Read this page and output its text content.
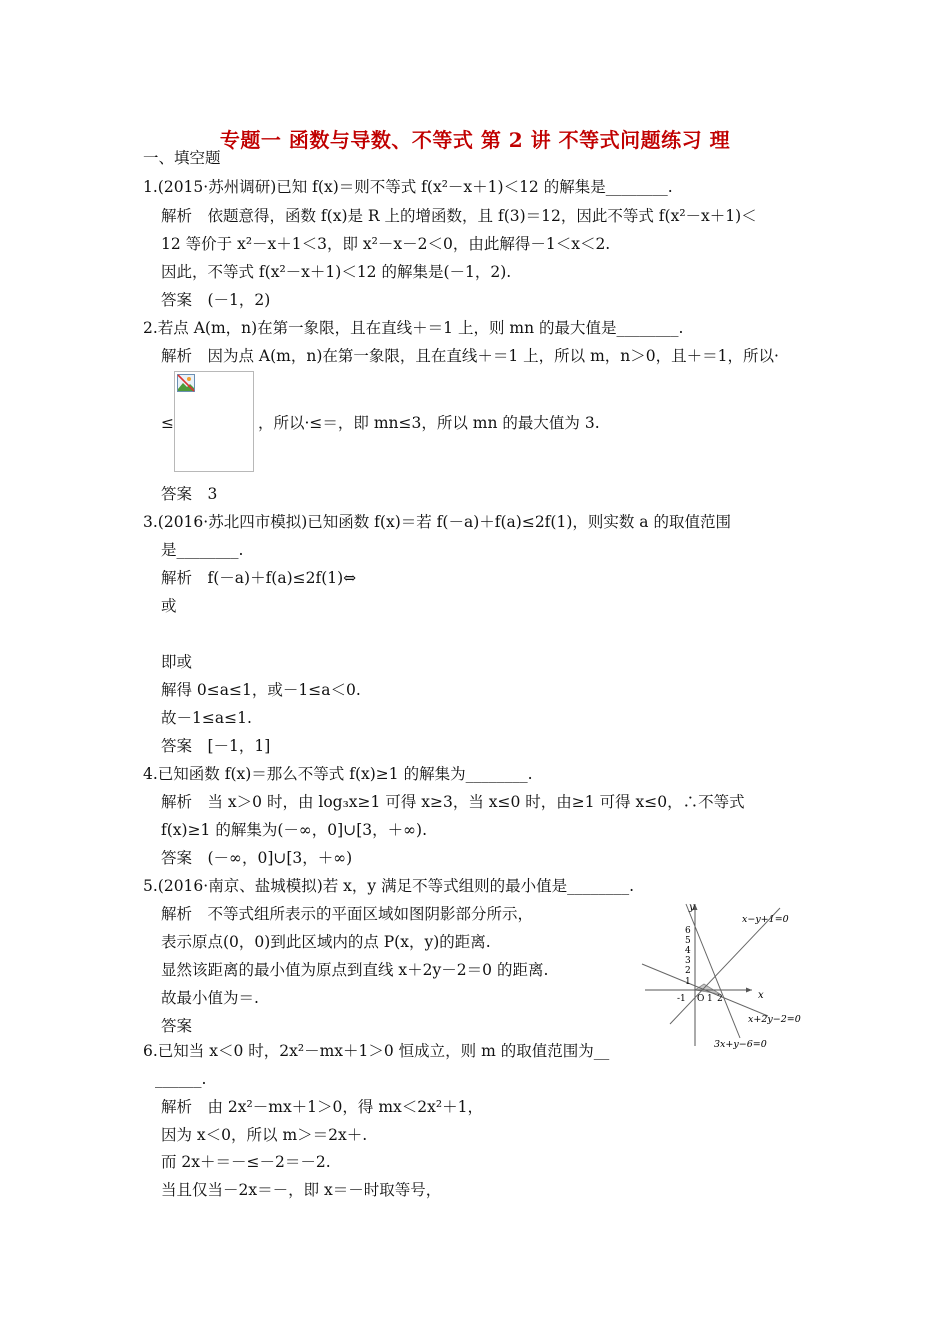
专题一 函数与导数、不等式 第 2 讲 不等式问题练习 理
一、填空题
1.(2015·苏州调研)已知 f(x)＝则不等式 f(x²－x＋1)＜12 的解集是________.
解析　依题意得，函数 f(x)是 R 上的增函数，且 f(3)＝12，因此不等式 f(x²－x＋1)＜
12 等价于 x²－x＋1＜3，即 x²－x－2＜0，由此解得－1＜x＜2.
因此，不等式 f(x²－x＋1)＜12 的解集是(－1，2).
答案　(－1，2)
2.若点 A(m，n)在第一象限，且在直线＋＝1 上，则 mn 的最大值是________.
解析　因为点 A(m，n)在第一象限，且在直线＋＝1 上，所以 m，n＞0，且＋＝1，所以·
≤	，所以·≤＝，即 mn≤3，所以 mn 的最大值为 3.
答案　3
3.(2016·苏北四市模拟)已知函数 f(x)＝若 f(－a)＋f(a)≤2f(1)，则实数 a 的取值范围
是________.
解析　f(－a)＋f(a)≤2f(1)⇔
或
即或
解得 0≤a≤1，或－1≤a＜0.
故－1≤a≤1.
答案　[－1，1]
4.已知函数 f(x)＝那么不等式 f(x)≥1 的解集为________.
解析　当 x＞0 时，由 log₃x≥1 可得 x≥3，当 x≤0 时，由≥1 可得 x≤0，∴不等式
f(x)≥1 的解集为(－∞，0]∪[3，＋∞).
答案　(－∞，0]∪[3，＋∞)
5.(2016·南京、盐城模拟)若 x，y 满足不等式组则的最小值是________.
解析　不等式组所表示的平面区域如图阴影部分所示，
表示原点(0，0)到此区域内的点 P(x，y)的距离.
显然该距离的最小值为原点到直线 x＋2y－2＝0 的距离.
故最小值为＝.
答案
y
x
6
5
4
3
2
1
-1 O 1 2
x−y+1=0
x+2y−2=0
3x+y−6=0
6.已知当 x＜0 时，2x²－mx＋1＞0 恒成立，则 m 的取值范围为__
______.
解析　由 2x²－mx＋1＞0，得 mx＜2x²＋1，
因为 x＜0，所以 m＞＝2x＋.
而 2x＋＝－≤－2＝－2.
当且仅当－2x＝－，即 x＝－时取等号，
